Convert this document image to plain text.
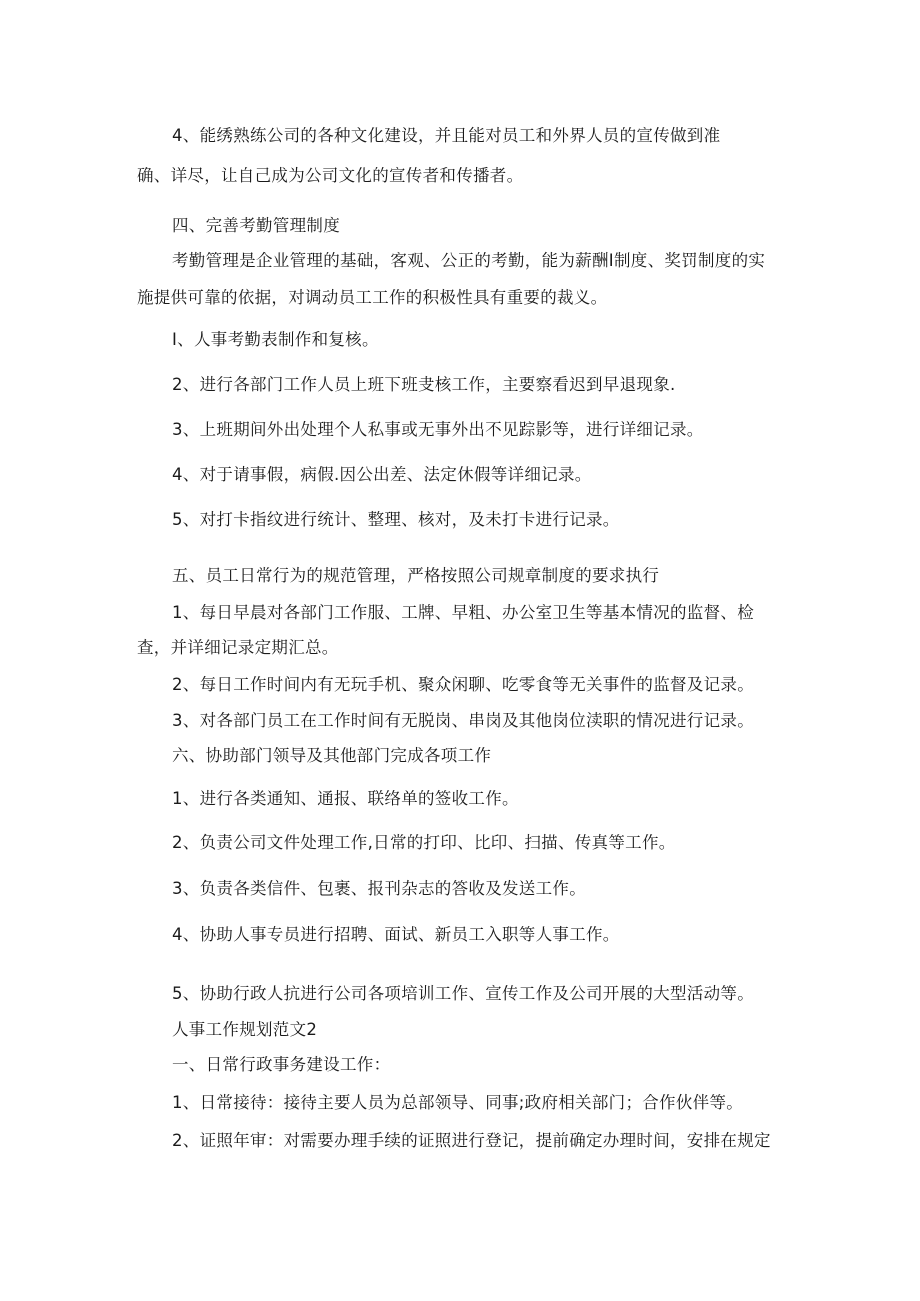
4、能绣熟练公司的各种文化建设，并且能对员工和外界人员的宣传做到准
确、详尽，让自己成为公司文化的宣传者和传播者。
四、完善考勤管理制度
考勤管理是企业管理的基础，客观、公正的考勤，能为薪酬I制度、奖罚制度的实
施提供可靠的依据，对调动员工工作的积极性具有重要的裁义。
I、人事考勤表制作和复核。
2、进行各部门工作人员上班下班叏核工作，主要察看迟到早退现象.
3、上班期间外出处理个人私事或无事外出不见踪影等，进行详细记录。
4、对于请事假，病假.因公出差、法定休假等详细记录。
5、对打卡指纹进行统计、整理、核对，及未打卡进行记录。
五、员工日常行为的规范管理，严格按照公司规章制度的要求执行
1、每日早晨对各部门工作服、工牌、早粗、办公室卫生等基本情况的监督、检
查，并详细记录定期汇总。
2、每日工作时间内有无玩手机、聚众闲聊、吃零食等无关事件的监督及记录。
3、对各部门员工在工作时间有无脱岗、串岗及其他岗位渎职的情况进行记录。
六、协助部门领导及其他部门完成各项工作
1、进行各类通知、通报、联络单的签收工作。
2、负责公司文件处理工作,日常的打印、比印、扫描、传真等工作。
3、负责各类信件、包裹、报刊杂志的答收及发送工作。
4、协助人事专员进行招聘、面试、新员工入职等人事工作。
5、协助行政人抗进行公司各项培训工作、宣传工作及公司开展的大型活动等。
人事工作规划范文2
一、日常行政事务建设工作：
1、日常接待：接待主要人员为总部领导、同事;政府相关部门；合作伙伴等。
2、证照年审：对需要办理手续的证照进行登记，提前确定办理时间，安排在规定
